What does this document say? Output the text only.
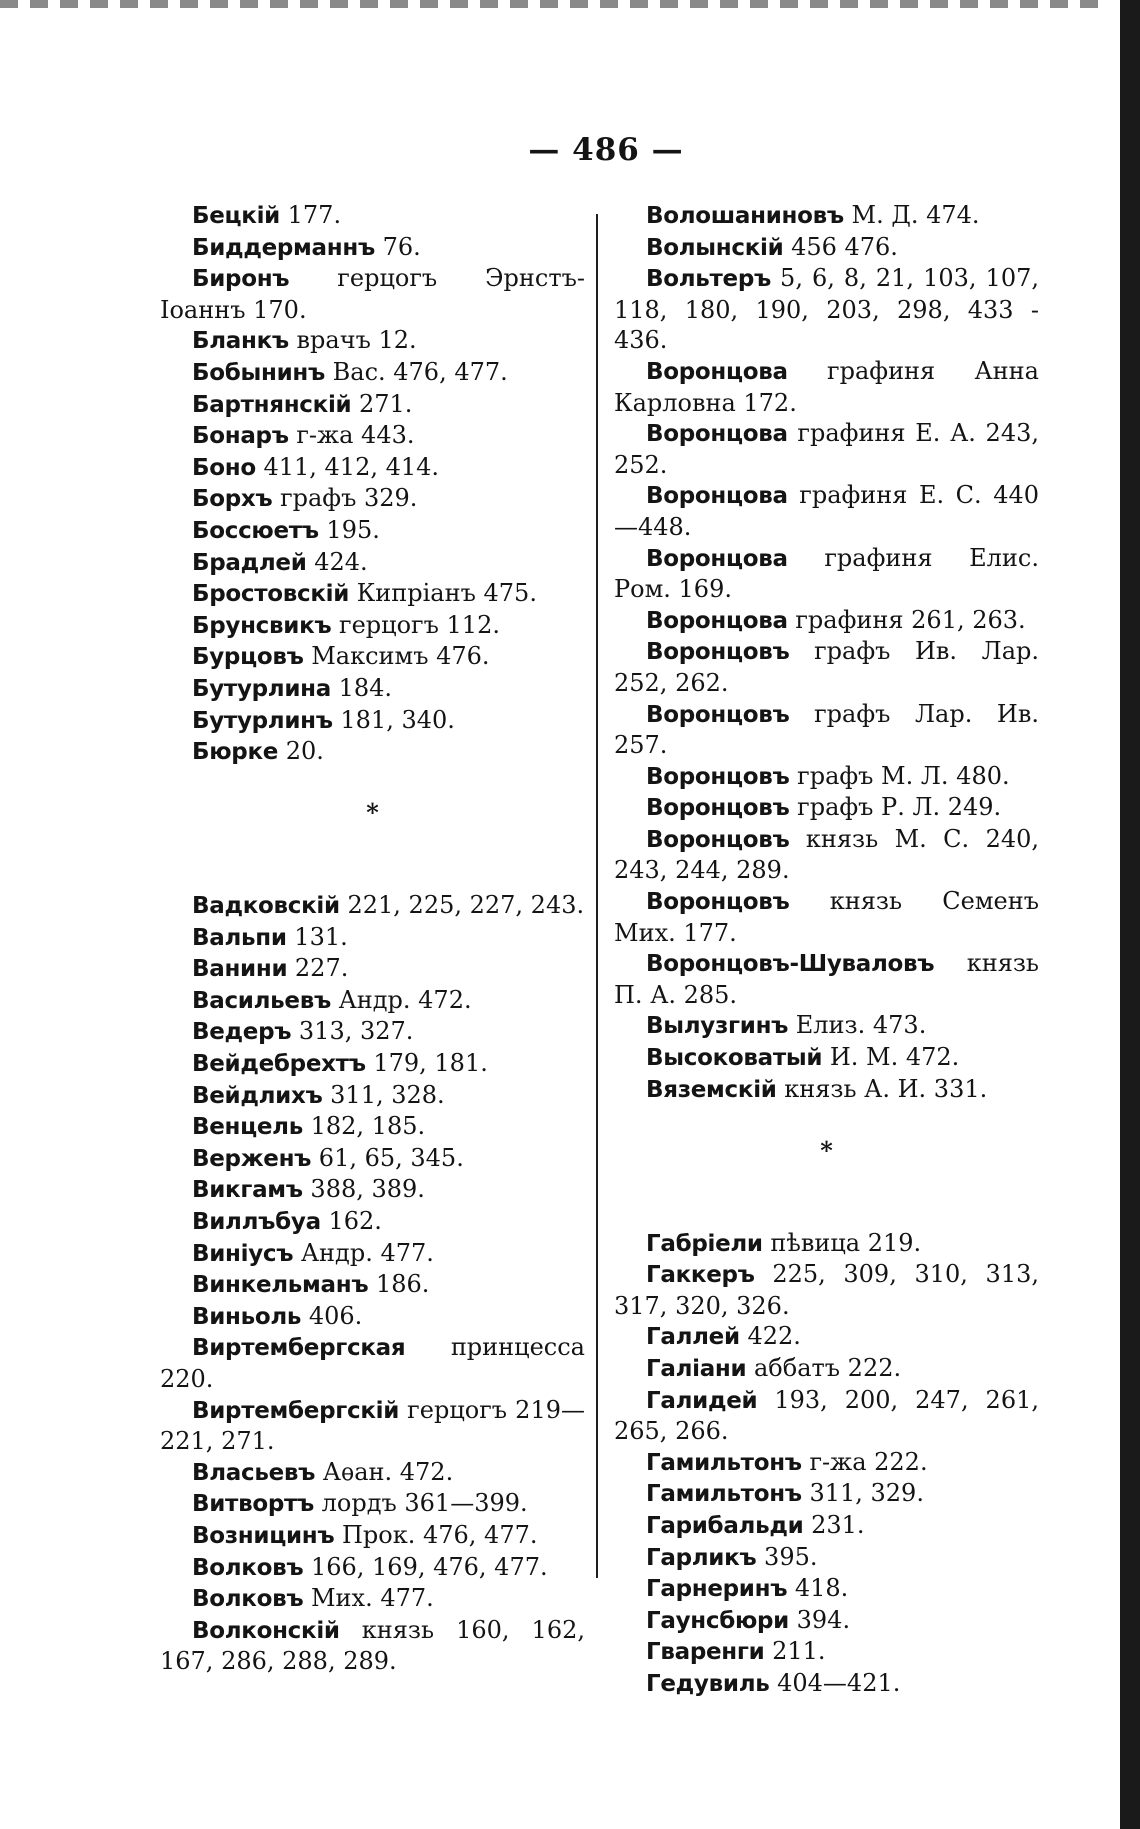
— 486 —

Бецкій 177.

Биддерманнъ 76.

Биронъ герцогъ Эрнстъ-Іоаннъ 170.

Бланкъ врачъ 12.

Бобынинъ Вас. 476, 477.

Бартнянскій 271.

Бонаръ г-жа 443.

Боно 411, 412, 414.

Борхъ графъ 329.

Боссюетъ 195.

Брадлей 424.

Бростовскій Кипріанъ 475.

Брунсвикъ герцогъ 112.

Бурцовъ Максимъ 476.

Бутурлина 184.

Бутурлинъ 181, 340.

Бюрке 20.

*

Вадковскій 221, 225, 227, 243.

Вальпи 131.

Ванини 227.

Васильевъ Андр. 472.

Ведеръ 313, 327.

Вейдебрехтъ 179, 181.

Вейдлихъ 311, 328.

Венцель 182, 185.

Верженъ 61, 65, 345.

Викгамъ 388, 389.

Виллъбуа 162.

Виніусъ Андр. 477.

Винкельманъ 186.

Виньоль 406.

Виртембергская принцесса 220.

Виртембергскій герцогъ 219—221, 271.

Власьевъ Аѳан. 472.

Витвортъ лордъ 361—399.

Возницинъ Прок. 476, 477.

Волковъ 166, 169, 476, 477.

Волковъ Мих. 477.

Волконскій князь 160, 162, 167, 286, 288, 289.

Волошаниновъ М. Д. 474.

Волынскій 456 476.

Вольтеръ 5, 6, 8, 21, 103, 107, 118, 180, 190, 203, 298, 433 - 436.

Воронцова графиня Анна Карловна 172.

Воронцова графиня Е. А. 243, 252.

Воронцова графиня Е. С. 440—448.

Воронцова графиня Елис. Ром. 169.

Воронцова графиня 261, 263.

Воронцовъ графъ Ив. Лар. 252, 262.

Воронцовъ графъ Лар. Ив. 257.

Воронцовъ графъ М. Л. 480.

Воронцовъ графъ Р. Л. 249.

Воронцовъ князь М. С. 240, 243, 244, 289.

Воронцовъ князь Семенъ Мих. 177.

Воронцовъ-Шуваловъ князь П. А. 285.

Вылузгинъ Елиз. 473.

Высоковатый И. М. 472.

Вяземскій князь А. И. 331.

*

Габріели пѣвица 219.

Гаккеръ 225, 309, 310, 313, 317, 320, 326.

Галлей 422.

Галіани аббатъ 222.

Галидей 193, 200, 247, 261, 265, 266.

Гамильтонъ г-жа 222.

Гамильтонъ 311, 329.

Гарибальди 231.

Гарликъ 395.

Гарнеринъ 418.

Гаунсбюри 394.

Гваренги 211.

Гедувиль 404—421.
